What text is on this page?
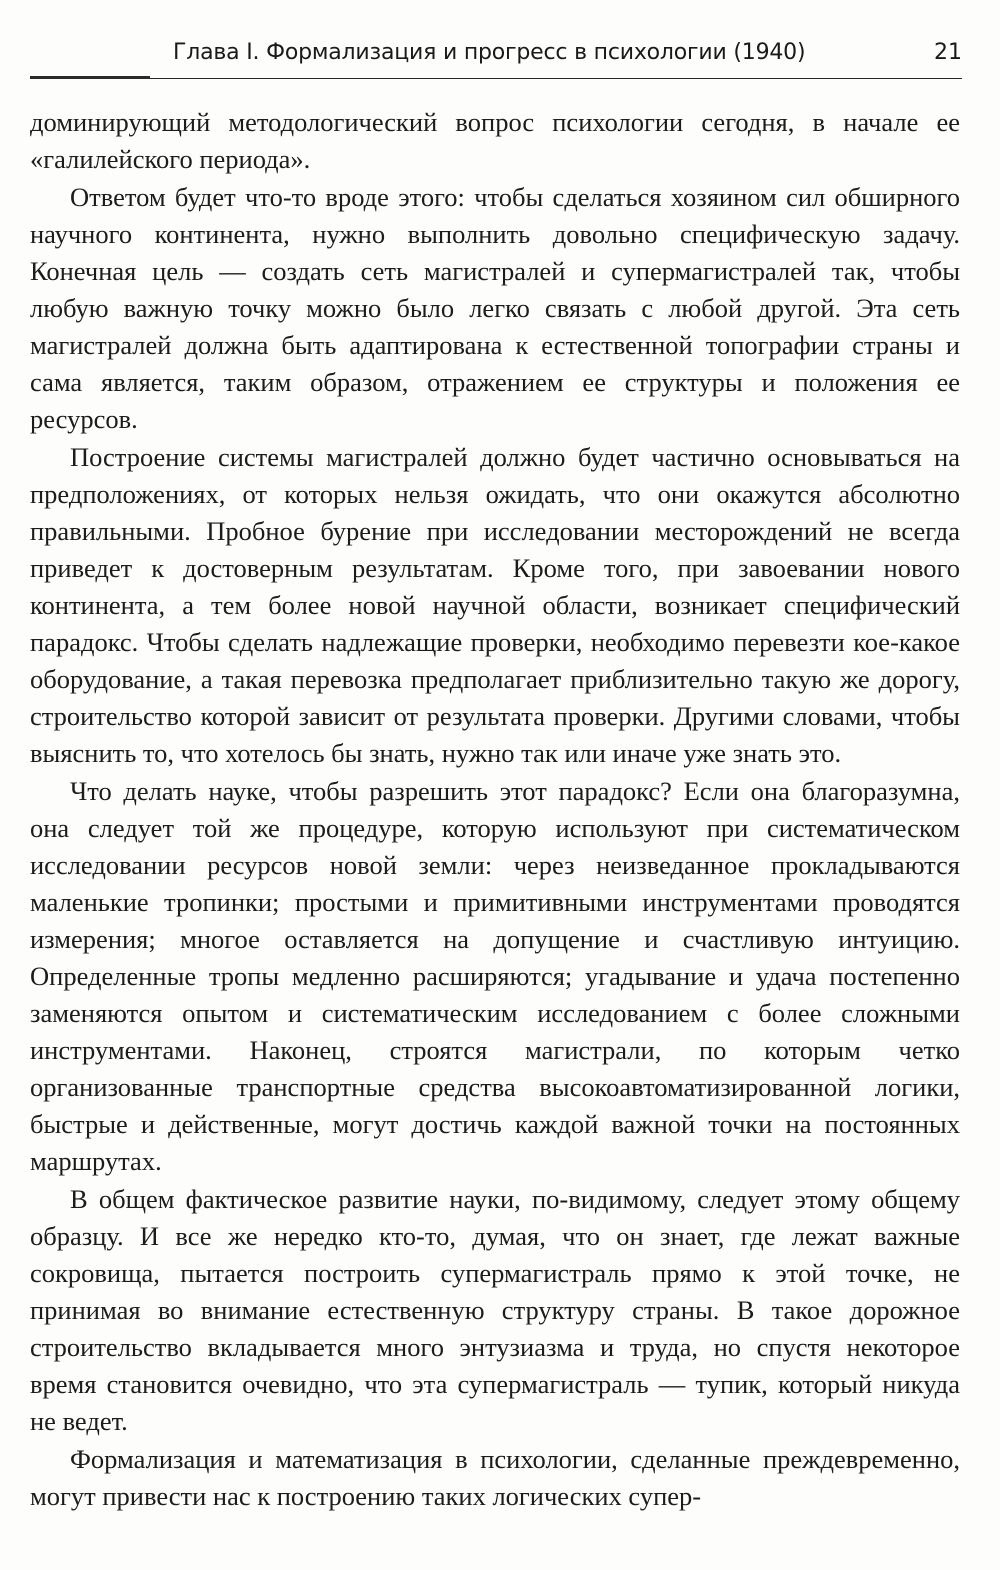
Глава I. Формализация и прогресс в психологии (1940)	21

доминирующий методологический вопрос психологии сегодня, в начале ее «галилейского периода».

Ответом будет что-то вроде этого: чтобы сделаться хозяином сил обширного научного континента, нужно выполнить довольно специфическую задачу. Конечная цель — создать сеть магистралей и супермагистралей так, чтобы любую важную точку можно было легко связать с любой другой. Эта сеть магистралей должна быть адаптирована к естественной топографии страны и сама является, таким образом, отражением ее структуры и положения ее ресурсов.

Построение системы магистралей должно будет частично основываться на предположениях, от которых нельзя ожидать, что они окажутся абсолютно правильными. Пробное бурение при исследовании месторождений не всегда приведет к достоверным результатам. Кроме того, при завоевании нового континента, а тем более новой научной области, возникает специфический парадокс. Чтобы сделать надлежащие проверки, необходимо перевезти кое-какое оборудование, а такая перевозка предполагает приблизительно такую же дорогу, строительство которой зависит от результата проверки. Другими словами, чтобы выяснить то, что хотелось бы знать, нужно так или иначе уже знать это.

Что делать науке, чтобы разрешить этот парадокс? Если она благоразумна, она следует той же процедуре, которую используют при систематическом исследовании ресурсов новой земли: через неизведанное прокладываются маленькие тропинки; простыми и примитивными инструментами проводятся измерения; многое оставляется на допущение и счастливую интуицию. Определенные тропы медленно расширяются; угадывание и удача постепенно заменяются опытом и систематическим исследованием с более сложными инструментами. Наконец, строятся магистрали, по которым четко организованные транспортные средства высокоавтоматизированной логики, быстрые и действенные, могут достичь каждой важной точки на постоянных маршрутах.

В общем фактическое развитие науки, по-видимому, следует этому общему образцу. И все же нередко кто-то, думая, что он знает, где лежат важные сокровища, пытается построить супермагистраль прямо к этой точке, не принимая во внимание естественную структуру страны. В такое дорожное строительство вкладывается много энтузиазма и труда, но спустя некоторое время становится очевидно, что эта супермагистраль — тупик, который никуда не ведет.

Формализация и математизация в психологии, сделанные преждевременно, могут привести нас к построению таких логических супер-
